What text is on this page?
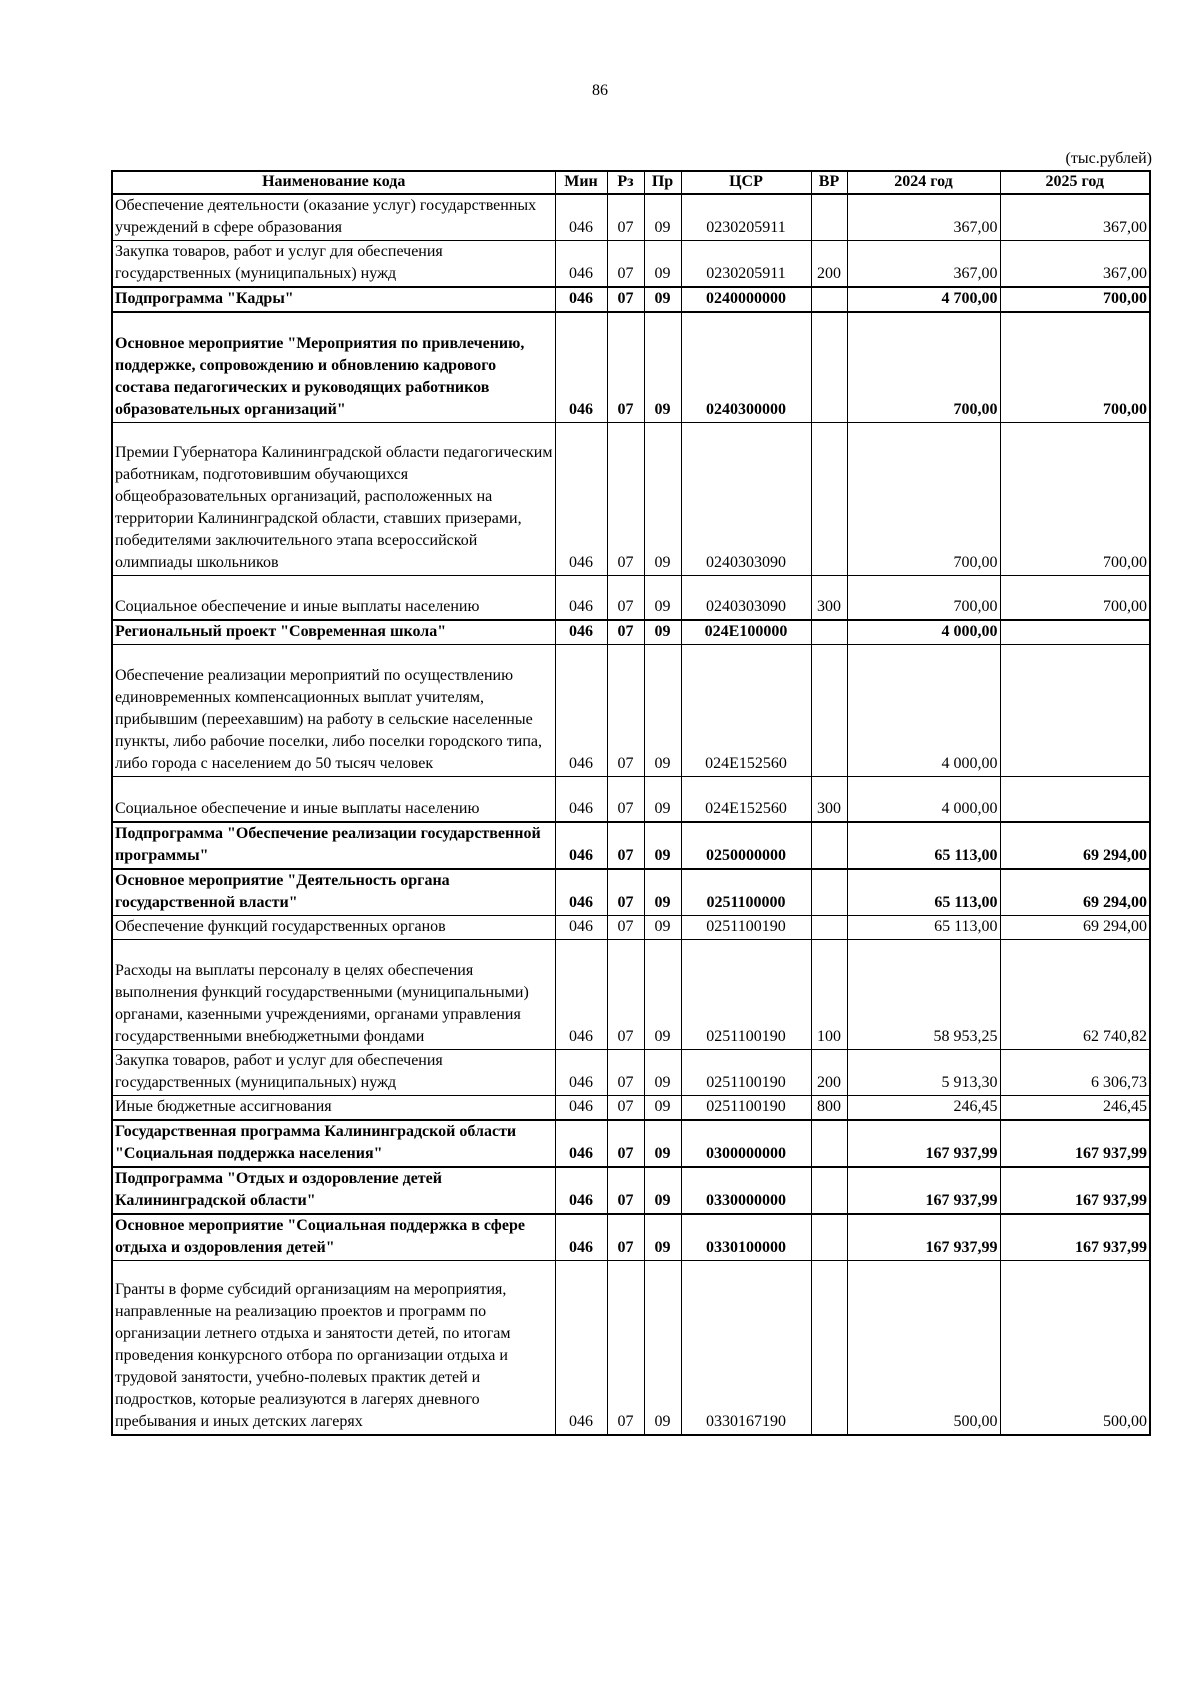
86
(тыс.рублей)
Наименование кода	Мин	Рз	Пр	ЦСР	ВР	2024 год	2025 год
Обеспечение деятельности (оказание услуг) государственных учреждений в сфере образования	046	07	09	0230205911		367,00	367,00
Закупка товаров, работ и услуг для обеспечения государственных (муниципальных) нужд	046	07	09	0230205911	200	367,00	367,00
Подпрограмма "Кадры"	046	07	09	0240000000		4 700,00	700,00
Основное мероприятие "Мероприятия по привлечению, поддержке, сопровождению и обновлению кадрового состава педагогических и руководящих работников образовательных организаций"	046	07	09	0240300000		700,00	700,00
Премии Губернатора Калининградской области педагогическим работникам, подготовившим обучающихся общеобразовательных организаций, расположенных на территории Калининградской области, ставших призерами, победителями заключительного этапа всероссийской олимпиады школьников	046	07	09	0240303090		700,00	700,00
Социальное обеспечение и иные выплаты населению	046	07	09	0240303090	300	700,00	700,00
Региональный проект "Современная школа"	046	07	09	024E100000		4 000,00	
Обеспечение реализации мероприятий по осуществлению единовременных компенсационных выплат учителям, прибывшим (переехавшим) на работу в сельские населенные пункты, либо рабочие поселки, либо поселки городского типа, либо города с населением до 50 тысяч человек	046	07	09	024E152560		4 000,00	
Социальное обеспечение и иные выплаты населению	046	07	09	024E152560	300	4 000,00	
Подпрограмма "Обеспечение реализации государственной программы"	046	07	09	0250000000		65 113,00	69 294,00
Основное мероприятие "Деятельность органа государственной власти"	046	07	09	0251100000		65 113,00	69 294,00
Обеспечение функций государственных органов	046	07	09	0251100190		65 113,00	69 294,00
Расходы на выплаты персоналу в целях обеспечения выполнения функций государственными (муниципальными) органами, казенными учреждениями, органами управления государственными внебюджетными фондами	046	07	09	0251100190	100	58 953,25	62 740,82
Закупка товаров, работ и услуг для обеспечения государственных (муниципальных) нужд	046	07	09	0251100190	200	5 913,30	6 306,73
Иные бюджетные ассигнования	046	07	09	0251100190	800	246,45	246,45
Государственная программа Калининградской области "Социальная поддержка населения"	046	07	09	0300000000		167 937,99	167 937,99
Подпрограмма "Отдых и оздоровление детей Калининградской области"	046	07	09	0330000000		167 937,99	167 937,99
Основное мероприятие "Социальная поддержка в сфере отдыха и оздоровления детей"	046	07	09	0330100000		167 937,99	167 937,99
Гранты в форме субсидий организациям на мероприятия, направленные на реализацию проектов и программ по организации летнего отдыха и занятости детей, по итогам проведения конкурсного отбора по организации отдыха и трудовой занятости, учебно-полевых практик детей и подростков, которые реализуются в лагерях дневного пребывания и иных детских лагерях	046	07	09	0330167190		500,00	500,00
